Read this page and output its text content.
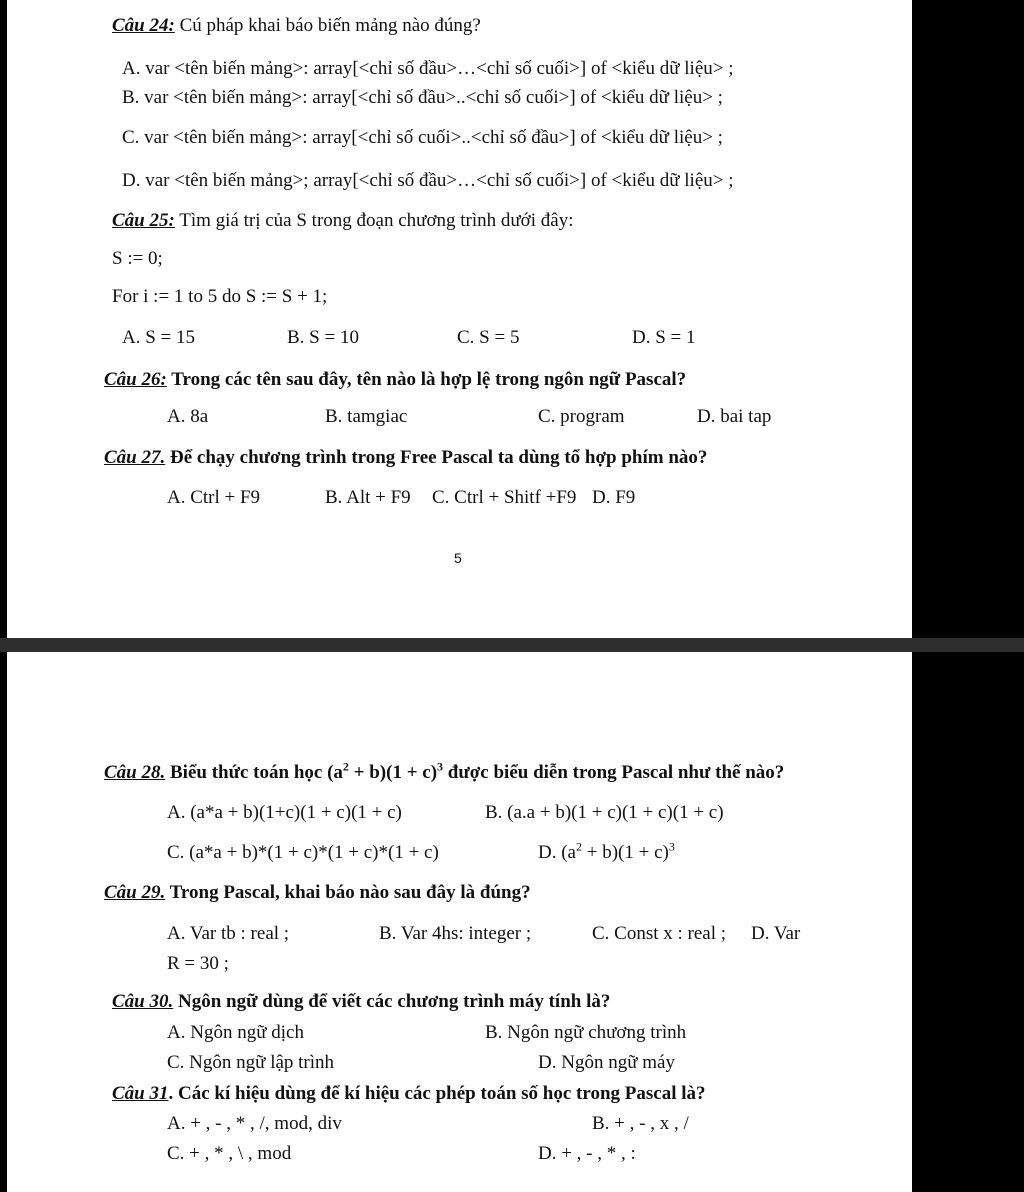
Câu 24: Cú pháp khai báo biến mảng nào đúng?
A. var <tên biến mảng>: array[<chỉ số đầu>…<chỉ số cuối>] of <kiểu dữ liệu> ;
B. var <tên biến mảng>: array[<chỉ số đầu>..<chỉ số cuối>] of <kiểu dữ liệu> ;
C. var <tên biến mảng>: array[<chỉ số cuối>..<chỉ số đầu>] of <kiểu dữ liệu> ;
D. var <tên biến mảng>; array[<chỉ số đầu>…<chỉ số cuối>] of <kiểu dữ liệu> ;
Câu 25: Tìm giá trị của S trong đoạn chương trình dưới đây:
S := 0;
For i := 1 to 5 do S := S + 1;
A. S = 15	B. S = 10	C. S = 5	D. S = 1
Câu 26: Trong các tên sau đây, tên nào là hợp lệ trong ngôn ngữ Pascal?
A. 8a	B. tamgiac	C. program	D. bai tap
Câu 27. Để chạy chương trình trong Free Pascal ta dùng tổ hợp phím nào?
A. Ctrl + F9	B. Alt + F9 C. Ctrl + Shitf +F9 D. F9
5
Câu 28. Biểu thức toán học $(a^2 + b)(1 + c)^3$ được biểu diễn trong Pascal như thế nào?
A. (a*a + b)(1+c)(1 + c)(1 + c)	B. (a.a + b)(1 + c)(1 + c)(1 + c)
C. (a*a + b)*(1 + c)*(1 + c)*(1 + c)	D. $(a^2 + b)(1 + c)^3$
Câu 29. Trong Pascal, khai báo nào sau đây là đúng?
A. Var tb : real ;	B. Var 4hs: integer ;	C. Const x : real ; D. Var
R = 30 ;
Câu 30. Ngôn ngữ dùng để viết các chương trình máy tính là?
A. Ngôn ngữ dịch	B. Ngôn ngữ chương trình
C. Ngôn ngữ lập trình	D. Ngôn ngữ máy
Câu 31. Các kí hiệu dùng để kí hiệu các phép toán số học trong Pascal là?
A. + , - , * , /, mod, div	B. + , - , x , /
C. + , * , \ , mod	D. + , - , * , :
